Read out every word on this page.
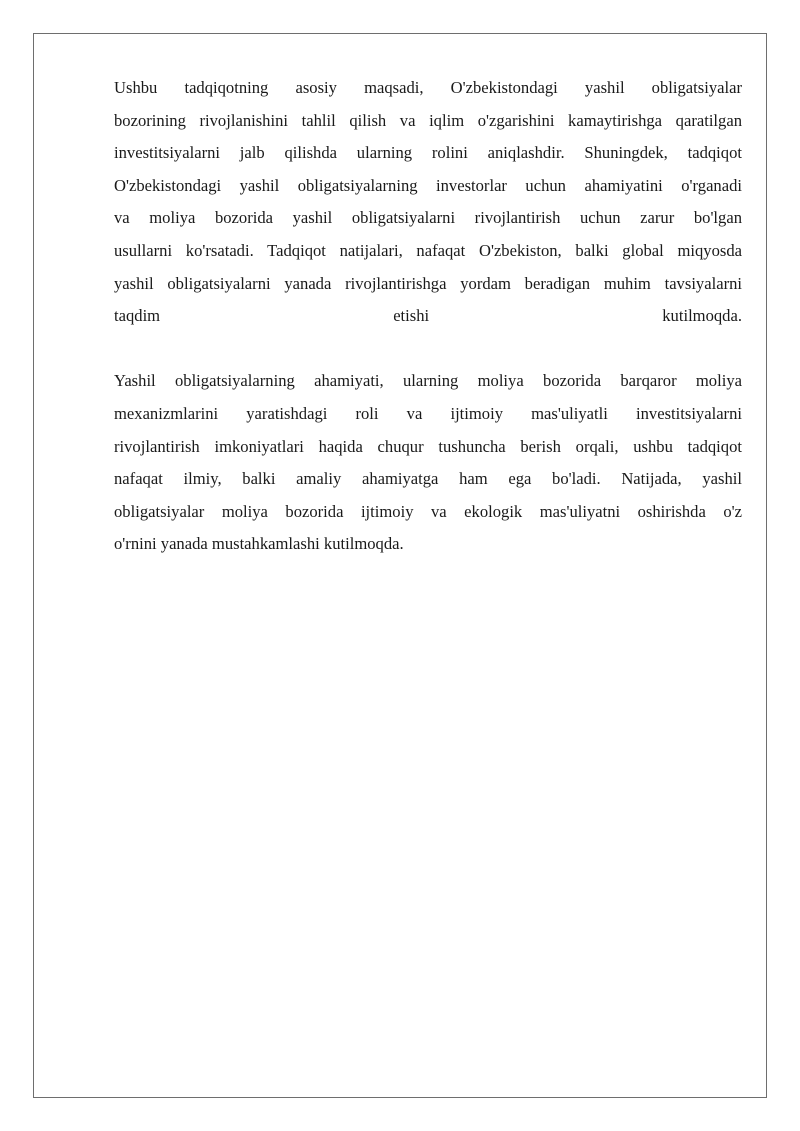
Ushbu tadqiqotning asosiy maqsadi, O'zbekistondagi yashil obligatsiyalar
bozorining rivojlanishini tahlil qilish va iqlim o'zgarishini kamaytirishga qaratilgan
investitsiyalarni jalb qilishda ularning rolini aniqlashdir. Shuningdek, tadqiqot
O'zbekistondagi yashil obligatsiyalarning investorlar uchun ahamiyatini o'rganadi
va moliya bozorida yashil obligatsiyalarni rivojlantirish uchun zarur bo'lgan
usullarni ko'rsatadi. Tadqiqot natijalari, nafaqat O'zbekiston, balki global miqyosda
yashil obligatsiyalarni yanada rivojlantirishga yordam beradigan muhim tavsiyalarni
taqdim etishi kutilmoqda.
Yashil obligatsiyalarning ahamiyati, ularning moliya bozorida barqaror moliya
mexanizmlarini yaratishdagi roli va ijtimoiy mas'uliyatli investitsiyalarni
rivojlantirish imkoniyatlari haqida chuqur tushuncha berish orqali, ushbu tadqiqot
nafaqat ilmiy, balki amaliy ahamiyatga ham ega bo'ladi. Natijada, yashil
obligatsiyalar moliya bozorida ijtimoiy va ekologik mas'uliyatni oshirishda o'z
o'rnini yanada mustahkamlashi kutilmoqda.
